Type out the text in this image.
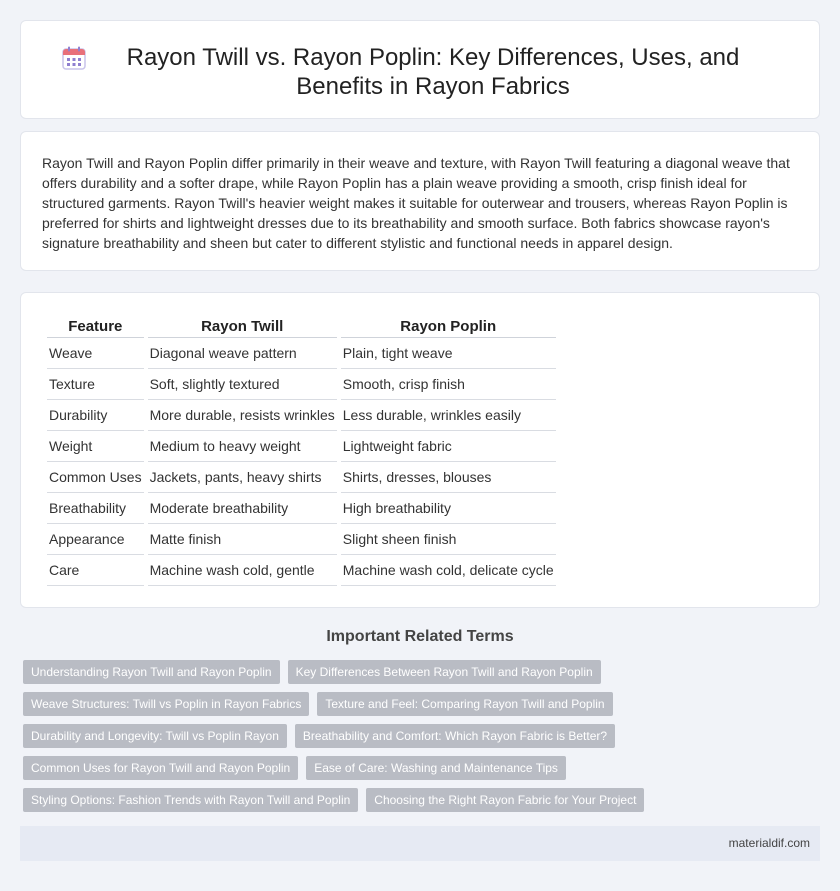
Rayon Twill vs. Rayon Poplin: Key Differences, Uses, and Benefits in Rayon Fabrics

Rayon Twill and Rayon Poplin differ primarily in their weave and texture, with Rayon Twill featuring a diagonal weave that offers durability and a softer drape, while Rayon Poplin has a plain weave providing a smooth, crisp finish ideal for structured garments. Rayon Twill's heavier weight makes it suitable for outerwear and trousers, whereas Rayon Poplin is preferred for shirts and lightweight dresses due to its breathability and smooth surface. Both fabrics showcase rayon's signature breathability and sheen but cater to different stylistic and functional needs in apparel design.

Feature	Rayon Twill	Rayon Poplin
Weave	Diagonal weave pattern	Plain, tight weave
Texture	Soft, slightly textured	Smooth, crisp finish
Durability	More durable, resists wrinkles	Less durable, wrinkles easily
Weight	Medium to heavy weight	Lightweight fabric
Common Uses	Jackets, pants, heavy shirts	Shirts, dresses, blouses
Breathability	Moderate breathability	High breathability
Appearance	Matte finish	Slight sheen finish
Care	Machine wash cold, gentle	Machine wash cold, delicate cycle
Important Related Terms
Understanding Rayon Twill and Rayon Poplin	Key Differences Between Rayon Twill and Rayon Poplin
Weave Structures: Twill vs Poplin in Rayon Fabrics	Texture and Feel: Comparing Rayon Twill and Poplin
Durability and Longevity: Twill vs Poplin Rayon	Breathability and Comfort: Which Rayon Fabric is Better?
Common Uses for Rayon Twill and Rayon Poplin	Ease of Care: Washing and Maintenance Tips
Styling Options: Fashion Trends with Rayon Twill and Poplin	Choosing the Right Rayon Fabric for Your Project
materialdif.com
